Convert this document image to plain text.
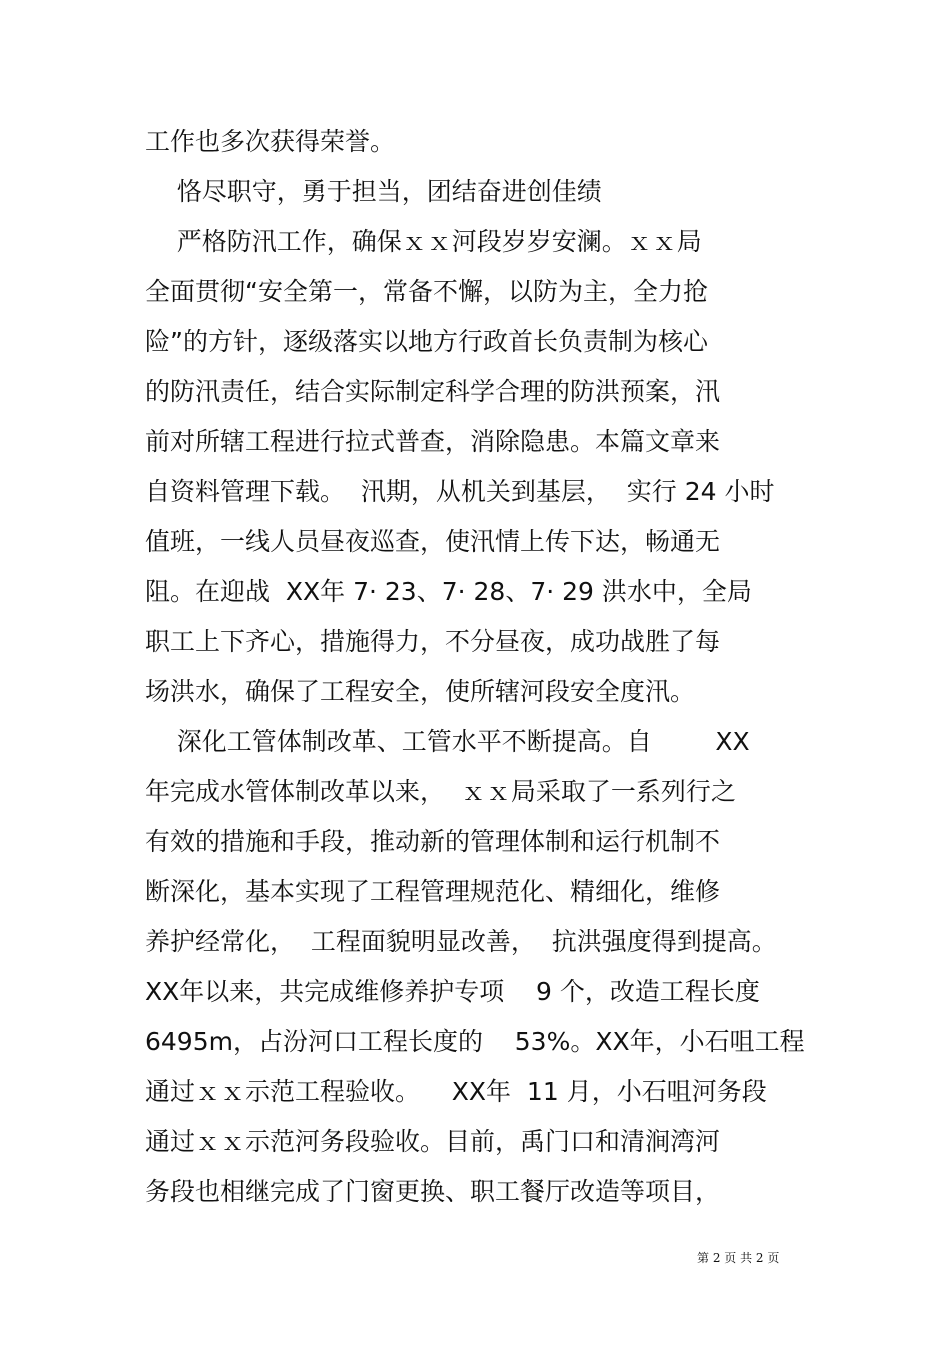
工作也多次获得荣誉。
恪尽职守，勇于担当，团结奋进创佳绩
严格防汛工作，确保ｘｘ河段岁岁安澜。ｘｘ局
全面贯彻“安全第一，常备不懈，以防为主，全力抢
险”的方针，逐级落实以地方行政首长负责制为核心
的防汛责任，结合实际制定科学合理的防洪预案，汛
前对所辖工程进行拉式普查，消除隐患。本篇文章来
自资料管理下载。  汛期，从机关到基层，  实行 24 小时
值班，一线人员昼夜巡查，使汛情上传下达，畅通无
阻。在迎战  XX年 7· 23、7· 28、7· 29 洪水中，全局
职工上下齐心，措施得力，不分昼夜，成功战胜了每
场洪水，确保了工程安全，使所辖河段安全度汛。
深化工管体制改革、工管水平不断提高。自        XX
年完成水管体制改革以来，  ｘｘ局采取了一系列行之
有效的措施和手段，推动新的管理体制和运行机制不
断深化，基本实现了工程管理规范化、精细化，维修
养护经常化，  工程面貌明显改善，  抗洪强度得到提高。
XX年以来，共完成维修养护专项    9 个，改造工程长度
6495m，占汾河口工程长度的    53%。XX年，小石咀工程
通过ｘｘ示范工程验收。    XX年  11 月，小石咀河务段
通过ｘｘ示范河务段验收。目前，禹门口和清涧湾河
务段也相继完成了门窗更换、职工餐厅改造等项目，
第 2 页 共 2 页
